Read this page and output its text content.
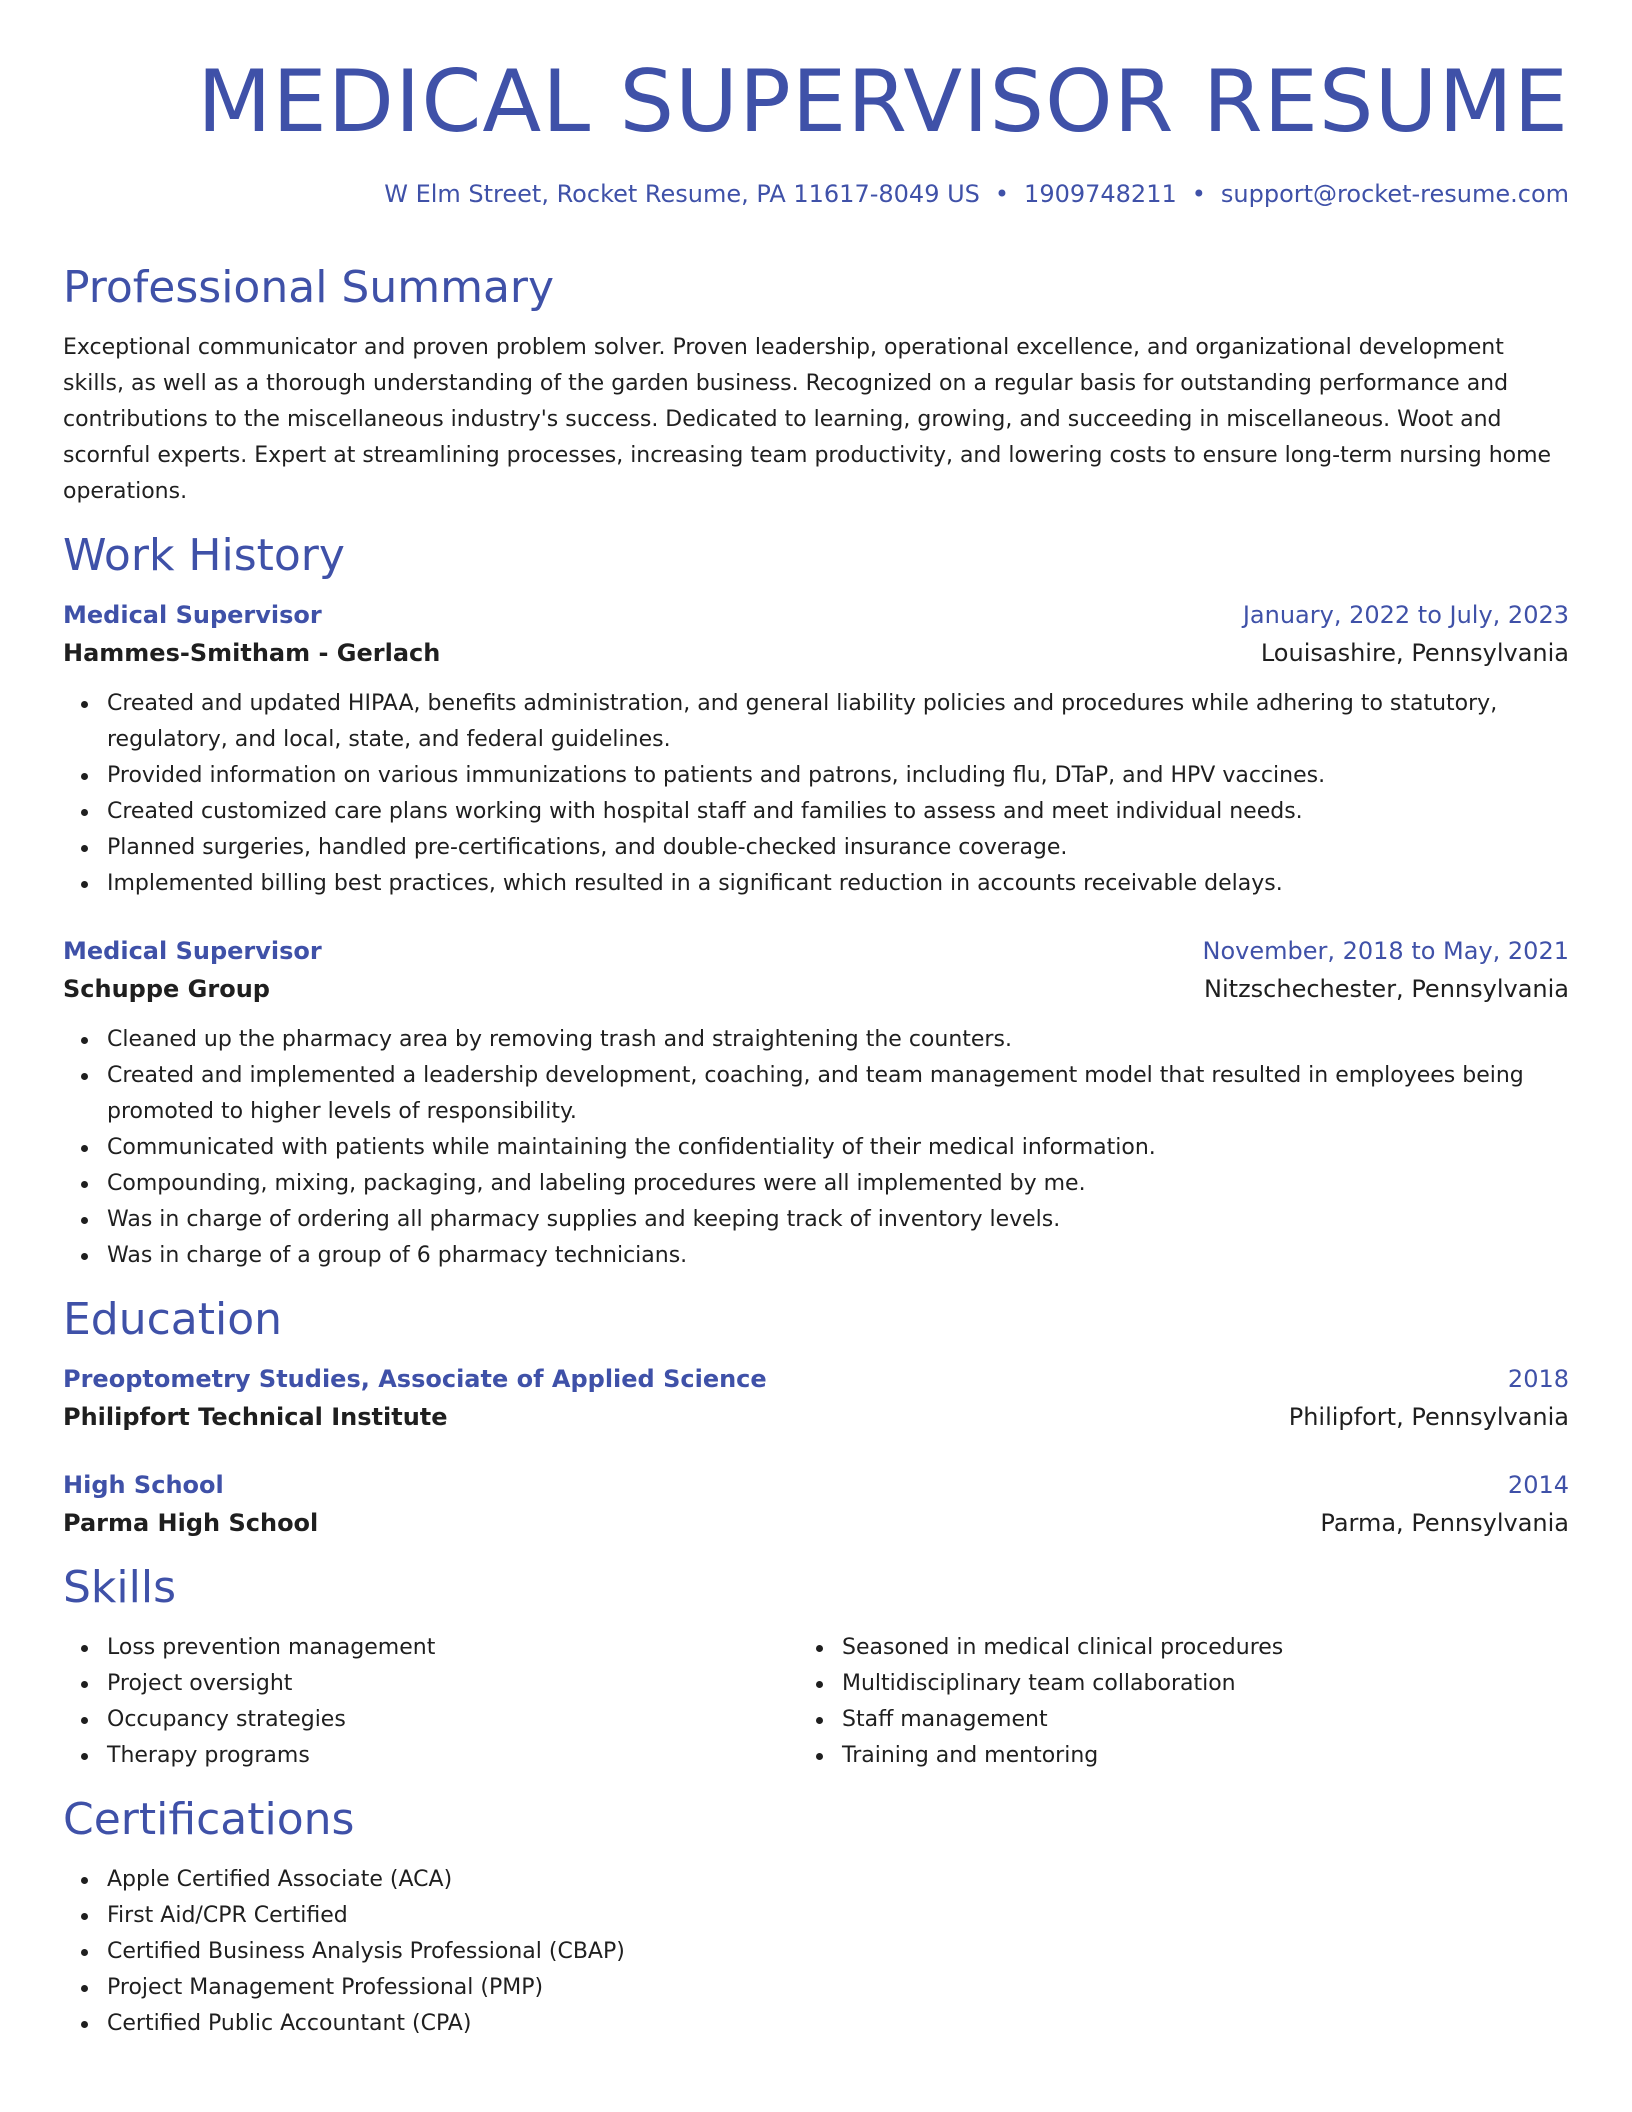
MEDICAL SUPERVISOR RESUME
W Elm Street, Rocket Resume, PA 11617-8049 US • 1909748211 • support@rocket-resume.com
Professional Summary

Exceptional communicator and proven problem solver. Proven leadership, operational excellence, and organizational development skills, as well as a thorough understanding of the garden business. Recognized on a regular basis for outstanding performance and contributions to the miscellaneous industry's success. Dedicated to learning, growing, and succeeding in miscellaneous. Woot and scornful experts. Expert at streamlining processes, increasing team productivity, and lowering costs to ensure long-term nursing home operations.

Work History
Medical Supervisor	January, 2022 to July, 2023
Hammes-Smitham - Gerlach	Louisashire, Pennsylvania
Created and updated HIPAA, benefits administration, and general liability policies and procedures while adhering to statutory, regulatory, and local, state, and federal guidelines.
Provided information on various immunizations to patients and patrons, including flu, DTaP, and HPV vaccines.
Created customized care plans working with hospital staff and families to assess and meet individual needs.
Planned surgeries, handled pre-certifications, and double-checked insurance coverage.
Implemented billing best practices, which resulted in a significant reduction in accounts receivable delays.
Medical Supervisor	November, 2018 to May, 2021
Schuppe Group	Nitzschechester, Pennsylvania
Cleaned up the pharmacy area by removing trash and straightening the counters.
Created and implemented a leadership development, coaching, and team management model that resulted in employees being promoted to higher levels of responsibility.
Communicated with patients while maintaining the confidentiality of their medical information.
Compounding, mixing, packaging, and labeling procedures were all implemented by me.
Was in charge of ordering all pharmacy supplies and keeping track of inventory levels.
Was in charge of a group of 6 pharmacy technicians.
Education
Preoptometry Studies, Associate of Applied Science	2018
Philipfort Technical Institute	Philipfort, Pennsylvania
High School	2014
Parma High School	Parma, Pennsylvania
Skills
Loss prevention management
Project oversight
Occupancy strategies
Therapy programs
Seasoned in medical clinical procedures
Multidisciplinary team collaboration
Staff management
Training and mentoring
Certifications
Apple Certified Associate (ACA)
First Aid/CPR Certified
Certified Business Analysis Professional (CBAP)
Project Management Professional (PMP)
Certified Public Accountant (CPA)
